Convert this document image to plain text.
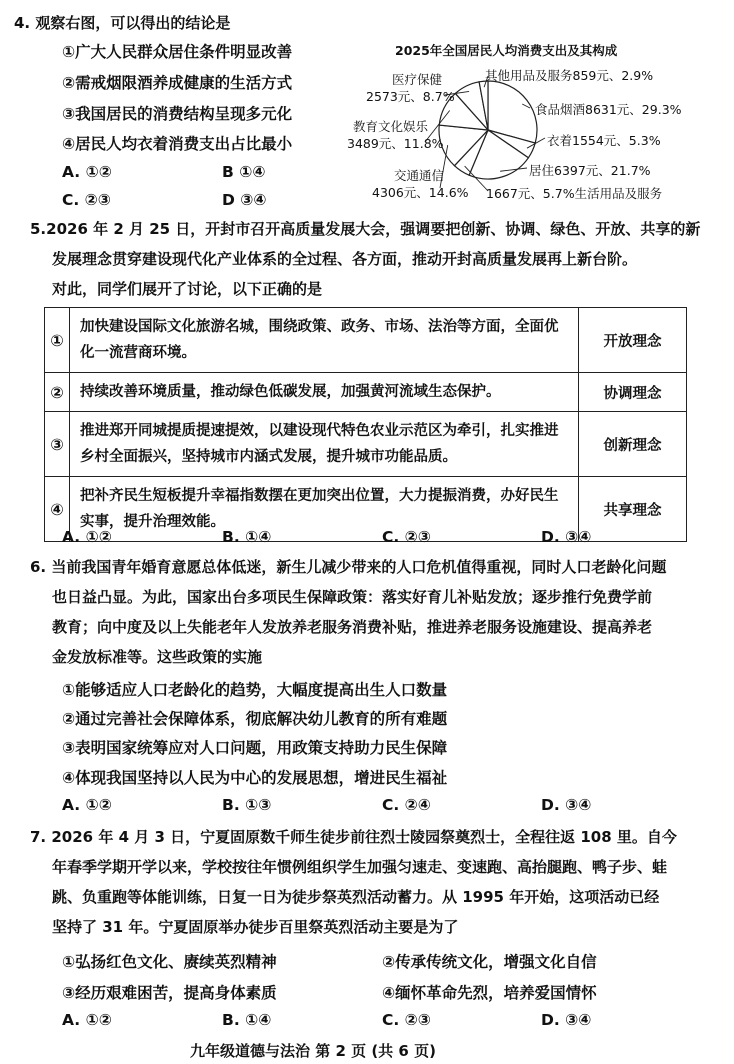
4. 观察右图，可以得出的结论是
①广大人民群众居住条件明显改善
②需戒烟限酒养成健康的生活方式
③我国居民的消费结构呈现多元化
④居民人均衣着消费支出占比最小
A. ①②	B ①④
C. ②③	D ③④
2025年全国居民人均消费支出及其构成
其他用品及服务859元、2.9%
食品烟酒8631元、29.3%
衣着1554元、5.3%
居住6397元、21.7%
1667元、5.7%生活用品及服务
医疗保健
2573元、8.7%
教育文化娱乐
3489元、11.8%
交通通信
4306元、14.6%
5.2026 年 2 月 25 日，开封市召开高质量发展大会，强调要把创新、协调、绿色、开放、共享的新
发展理念贯穿建设现代化产业体系的全过程、各方面，推动开封高质量发展再上新台阶。
对此，同学们展开了讨论，以下正确的是
①	加快建设国际文化旅游名城，围绕政策、政务、市场、法治等方面，全面优化一流营商环境。	开放理念
②	持续改善环境质量，推动绿色低碳发展，加强黄河流域生态保护。	协调理念
③	推进郑开同城提质提速提效，以建设现代特色农业示范区为牵引，扎实推进乡村全面振兴，坚持城市内涵式发展，提升城市功能品质。	创新理念
④	把补齐民生短板提升幸福指数摆在更加突出位置，大力提振消费，办好民生实事，提升治理效能。	共享理念
A. ①②	B. ①④	C. ②③	D. ③④
6. 当前我国青年婚育意愿总体低迷，新生儿减少带来的人口危机值得重视，同时人口老龄化问题
也日益凸显。为此，国家出台多项民生保障政策：落实好育儿补贴发放；逐步推行免费学前
教育；向中度及以上失能老年人发放养老服务消费补贴，推进养老服务设施建设、提高养老
金发放标准等。这些政策的实施
①能够适应人口老龄化的趋势，大幅度提高出生人口数量
②通过完善社会保障体系，彻底解决幼儿教育的所有难题
③表明国家统筹应对人口问题，用政策支持助力民生保障
④体现我国坚持以人民为中心的发展思想，增进民生福祉
A. ①②	B. ①③	C. ②④	D. ③④
7. 2026 年 4 月 3 日，宁夏固原数千师生徒步前往烈士陵园祭奠烈士，全程往返 108 里。自今
年春季学期开学以来，学校按往年惯例组织学生加强匀速走、变速跑、高抬腿跑、鸭子步、蛙
跳、负重跑等体能训练，日复一日为徒步祭英烈活动蓄力。从 1995 年开始，这项活动已经
坚持了 31 年。宁夏固原举办徒步百里祭英烈活动主要是为了
①弘扬红色文化、赓续英烈精神	②传承传统文化，增强文化自信
③经历艰难困苦，提高身体素质	④缅怀革命先烈，培养爱国情怀
A. ①②	B. ①④	C. ②③	D. ③④
九年级道德与法治 第 2 页 (共 6 页)
